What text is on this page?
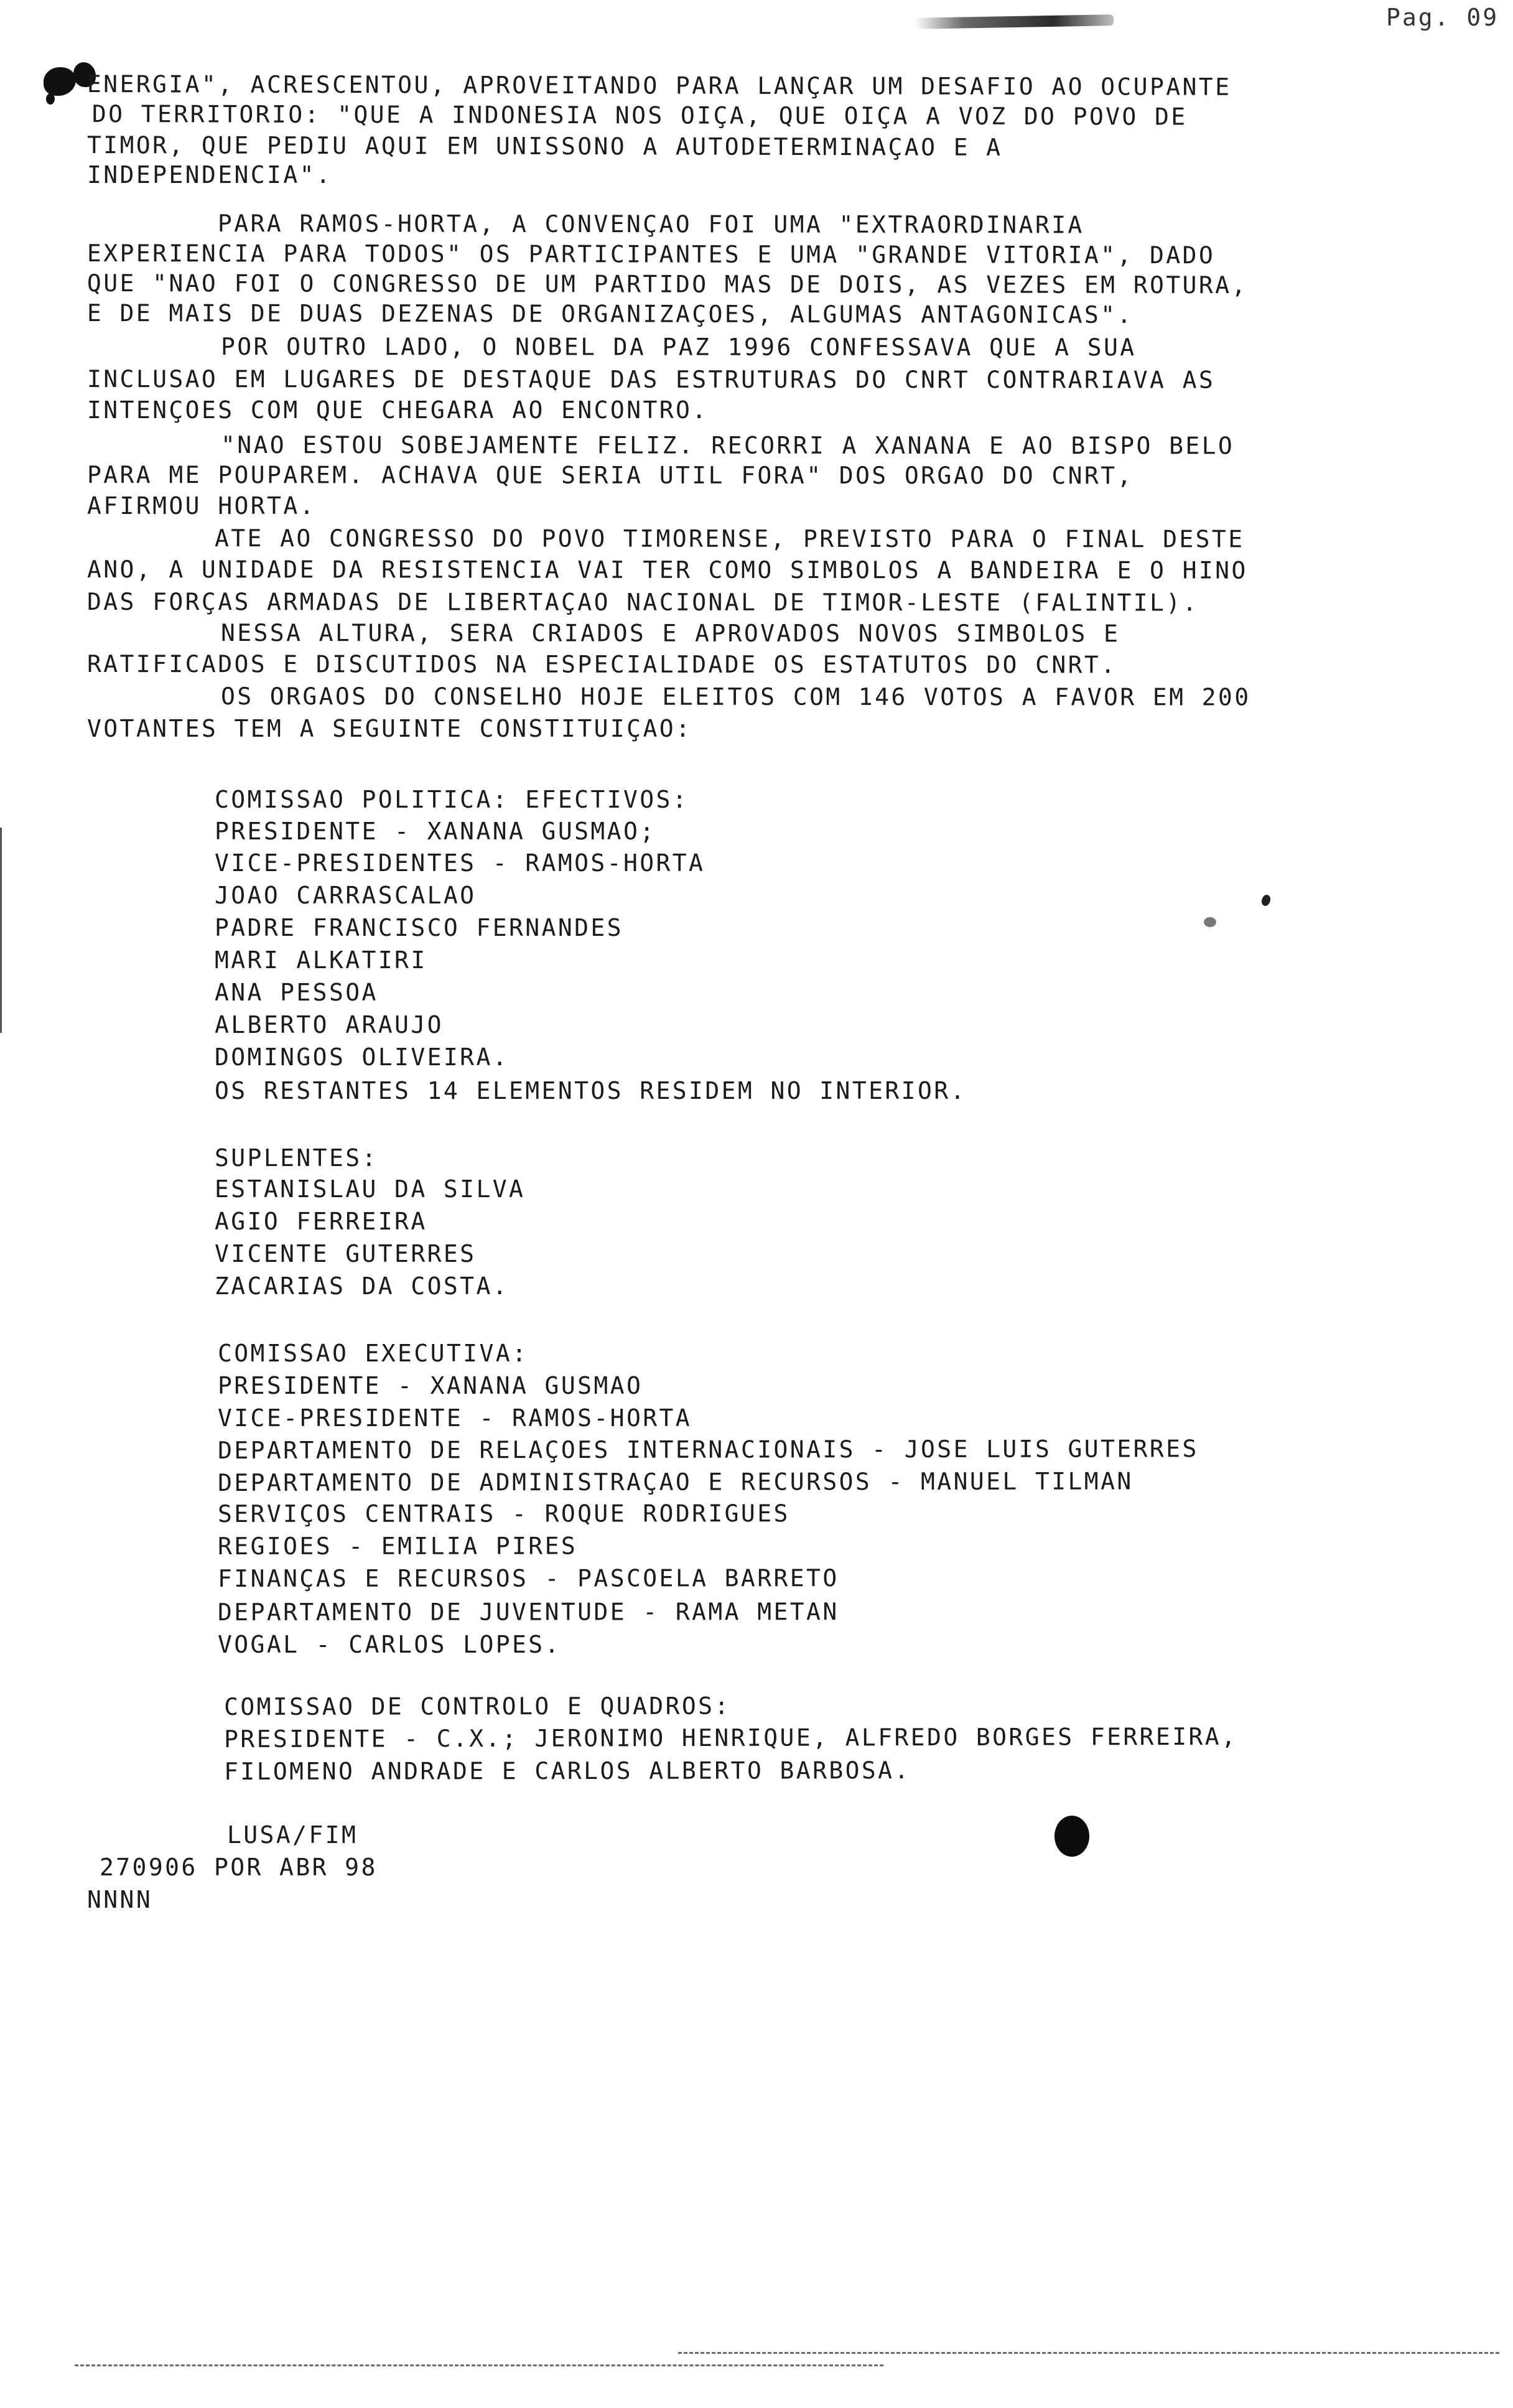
Pag. 09
ENERGIA", ACRESCENTOU, APROVEITANDO PARA LANÇAR UM DESAFIO AO OCUPANTE
DO TERRITORIO: "QUE A INDONESIA NOS OIÇA, QUE OIÇA A VOZ DO POVO DE
TIMOR, QUE PEDIU AQUI EM UNISSONO A AUTODETERMINAÇAO E A
INDEPENDENCIA".
PARA RAMOS-HORTA, A CONVENÇAO FOI UMA "EXTRAORDINARIA
EXPERIENCIA PARA TODOS" OS PARTICIPANTES E UMA "GRANDE VITORIA", DADO
QUE "NAO FOI O CONGRESSO DE UM PARTIDO MAS DE DOIS, AS VEZES EM ROTURA,
E DE MAIS DE DUAS DEZENAS DE ORGANIZAÇOES, ALGUMAS ANTAGONICAS".
POR OUTRO LADO, O NOBEL DA PAZ 1996 CONFESSAVA QUE A SUA
INCLUSAO EM LUGARES DE DESTAQUE DAS ESTRUTURAS DO CNRT CONTRARIAVA AS
INTENÇOES COM QUE CHEGARA AO ENCONTRO.
"NAO ESTOU SOBEJAMENTE FELIZ. RECORRI A XANANA E AO BISPO BELO
PARA ME POUPAREM. ACHAVA QUE SERIA UTIL FORA" DOS ORGAO DO CNRT,
AFIRMOU HORTA.
ATE AO CONGRESSO DO POVO TIMORENSE, PREVISTO PARA O FINAL DESTE
ANO, A UNIDADE DA RESISTENCIA VAI TER COMO SIMBOLOS A BANDEIRA E O HINO
DAS FORÇAS ARMADAS DE LIBERTAÇAO NACIONAL DE TIMOR-LESTE (FALINTIL).
NESSA ALTURA, SERA CRIADOS E APROVADOS NOVOS SIMBOLOS E
RATIFICADOS E DISCUTIDOS NA ESPECIALIDADE OS ESTATUTOS DO CNRT.
OS ORGAOS DO CONSELHO HOJE ELEITOS COM 146 VOTOS A FAVOR EM 200
VOTANTES TEM A SEGUINTE CONSTITUIÇAO:
COMISSAO POLITICA: EFECTIVOS:
PRESIDENTE - XANANA GUSMAO;
VICE-PRESIDENTES - RAMOS-HORTA
JOAO CARRASCALAO
PADRE FRANCISCO FERNANDES
MARI ALKATIRI
ANA PESSOA
ALBERTO ARAUJO
DOMINGOS OLIVEIRA.
OS RESTANTES 14 ELEMENTOS RESIDEM NO INTERIOR.
SUPLENTES:
ESTANISLAU DA SILVA
AGIO FERREIRA
VICENTE GUTERRES
ZACARIAS DA COSTA.
COMISSAO EXECUTIVA:
PRESIDENTE - XANANA GUSMAO
VICE-PRESIDENTE - RAMOS-HORTA
DEPARTAMENTO DE RELAÇOES INTERNACIONAIS - JOSE LUIS GUTERRES
DEPARTAMENTO DE ADMINISTRAÇAO E RECURSOS - MANUEL TILMAN
SERVIÇOS CENTRAIS - ROQUE RODRIGUES
REGIOES - EMILIA PIRES
FINANÇAS E RECURSOS - PASCOELA BARRETO
DEPARTAMENTO DE JUVENTUDE - RAMA METAN
VOGAL - CARLOS LOPES.
COMISSAO DE CONTROLO E QUADROS:
PRESIDENTE - C.X.; JERONIMO HENRIQUE, ALFREDO BORGES FERREIRA,
FILOMENO ANDRADE E CARLOS ALBERTO BARBOSA.
LUSA/FIM
270906 POR ABR 98
NNNN
